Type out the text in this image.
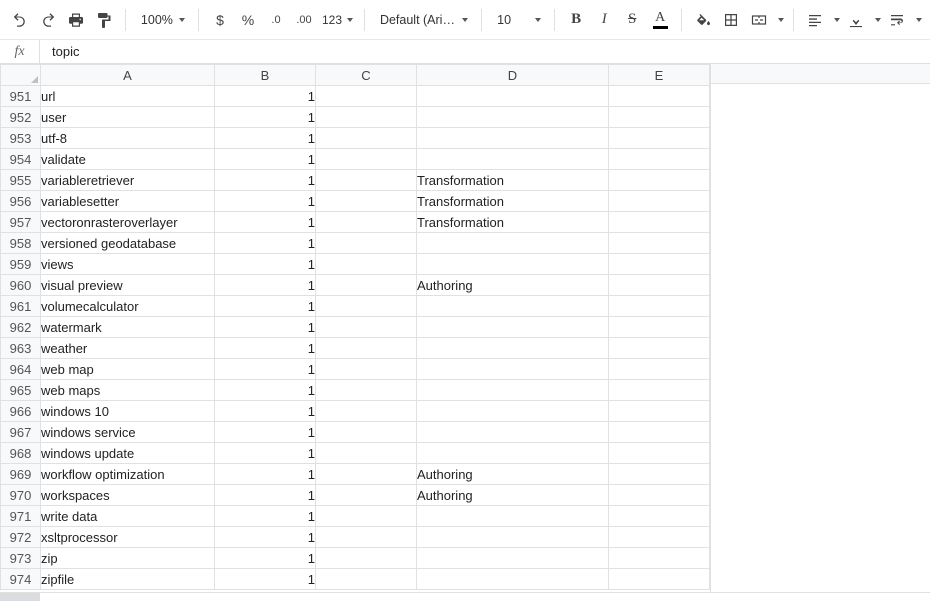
100%	$	%	.0 .00 123	Default (Ari…	10	B	I	S	A
fx	topic
	A	B	C	D	E
951	url	1			
952	user	1			
953	utf-8	1			
954	validate	1			
955	variableretriever	1		Transformation	
956	variablesetter	1		Transformation	
957	vectoronrasteroverlayer	1		Transformation	
958	versioned geodatabase	1			
959	views	1			
960	visual preview	1		Authoring	
961	volumecalculator	1			
962	watermark	1			
963	weather	1			
964	web map	1			
965	web maps	1			
966	windows 10	1			
967	windows service	1			
968	windows update	1			
969	workflow optimization	1		Authoring	
970	workspaces	1		Authoring	
971	write data	1			
972	xsltprocessor	1			
973	zip	1			
974	zipfile	1			
